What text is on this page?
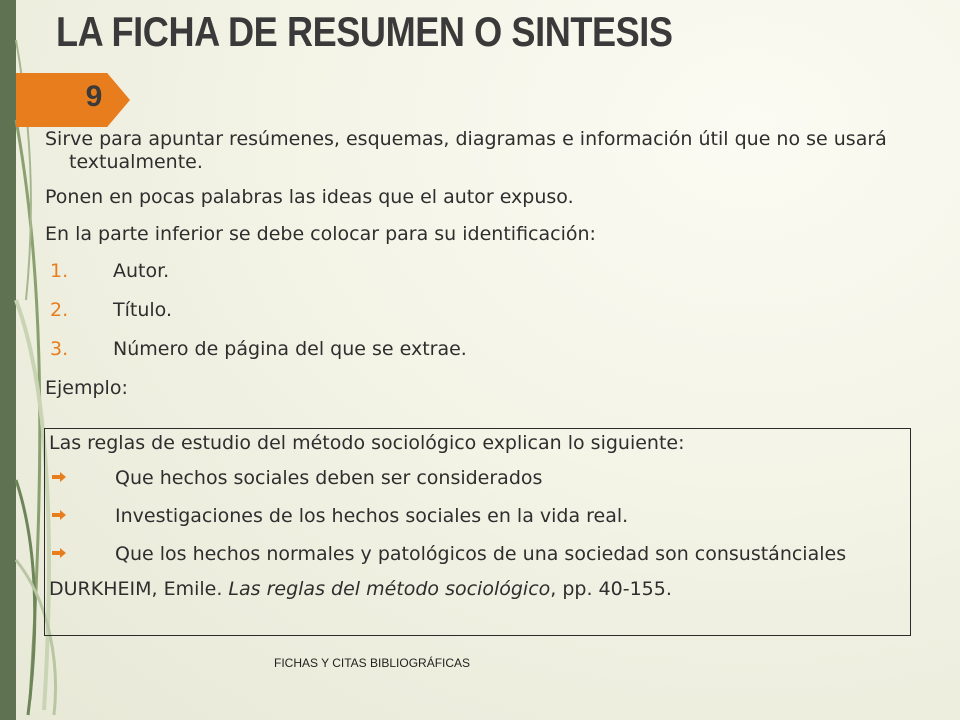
LA FICHA DE RESUMEN O SINTESIS
9
Sirve para apuntar resúmenes, esquemas, diagramas e información útil que no se usará textualmente.
Ponen en pocas palabras las ideas que el autor expuso.
En la parte inferior se debe colocar para su identificación:
1. Autor.
2. Título.
3. Número de página del que se extrae.
Ejemplo:
Las reglas de estudio del método sociológico explican lo siguiente:
Que hechos sociales deben ser considerados
Investigaciones de los hechos sociales en la vida real.
Que los hechos normales y patológicos de una sociedad son consustánciales
DURKHEIM, Emile. Las reglas del método sociológico, pp. 40-155.
FICHAS Y CITAS BIBLIOGRÁFICAS
